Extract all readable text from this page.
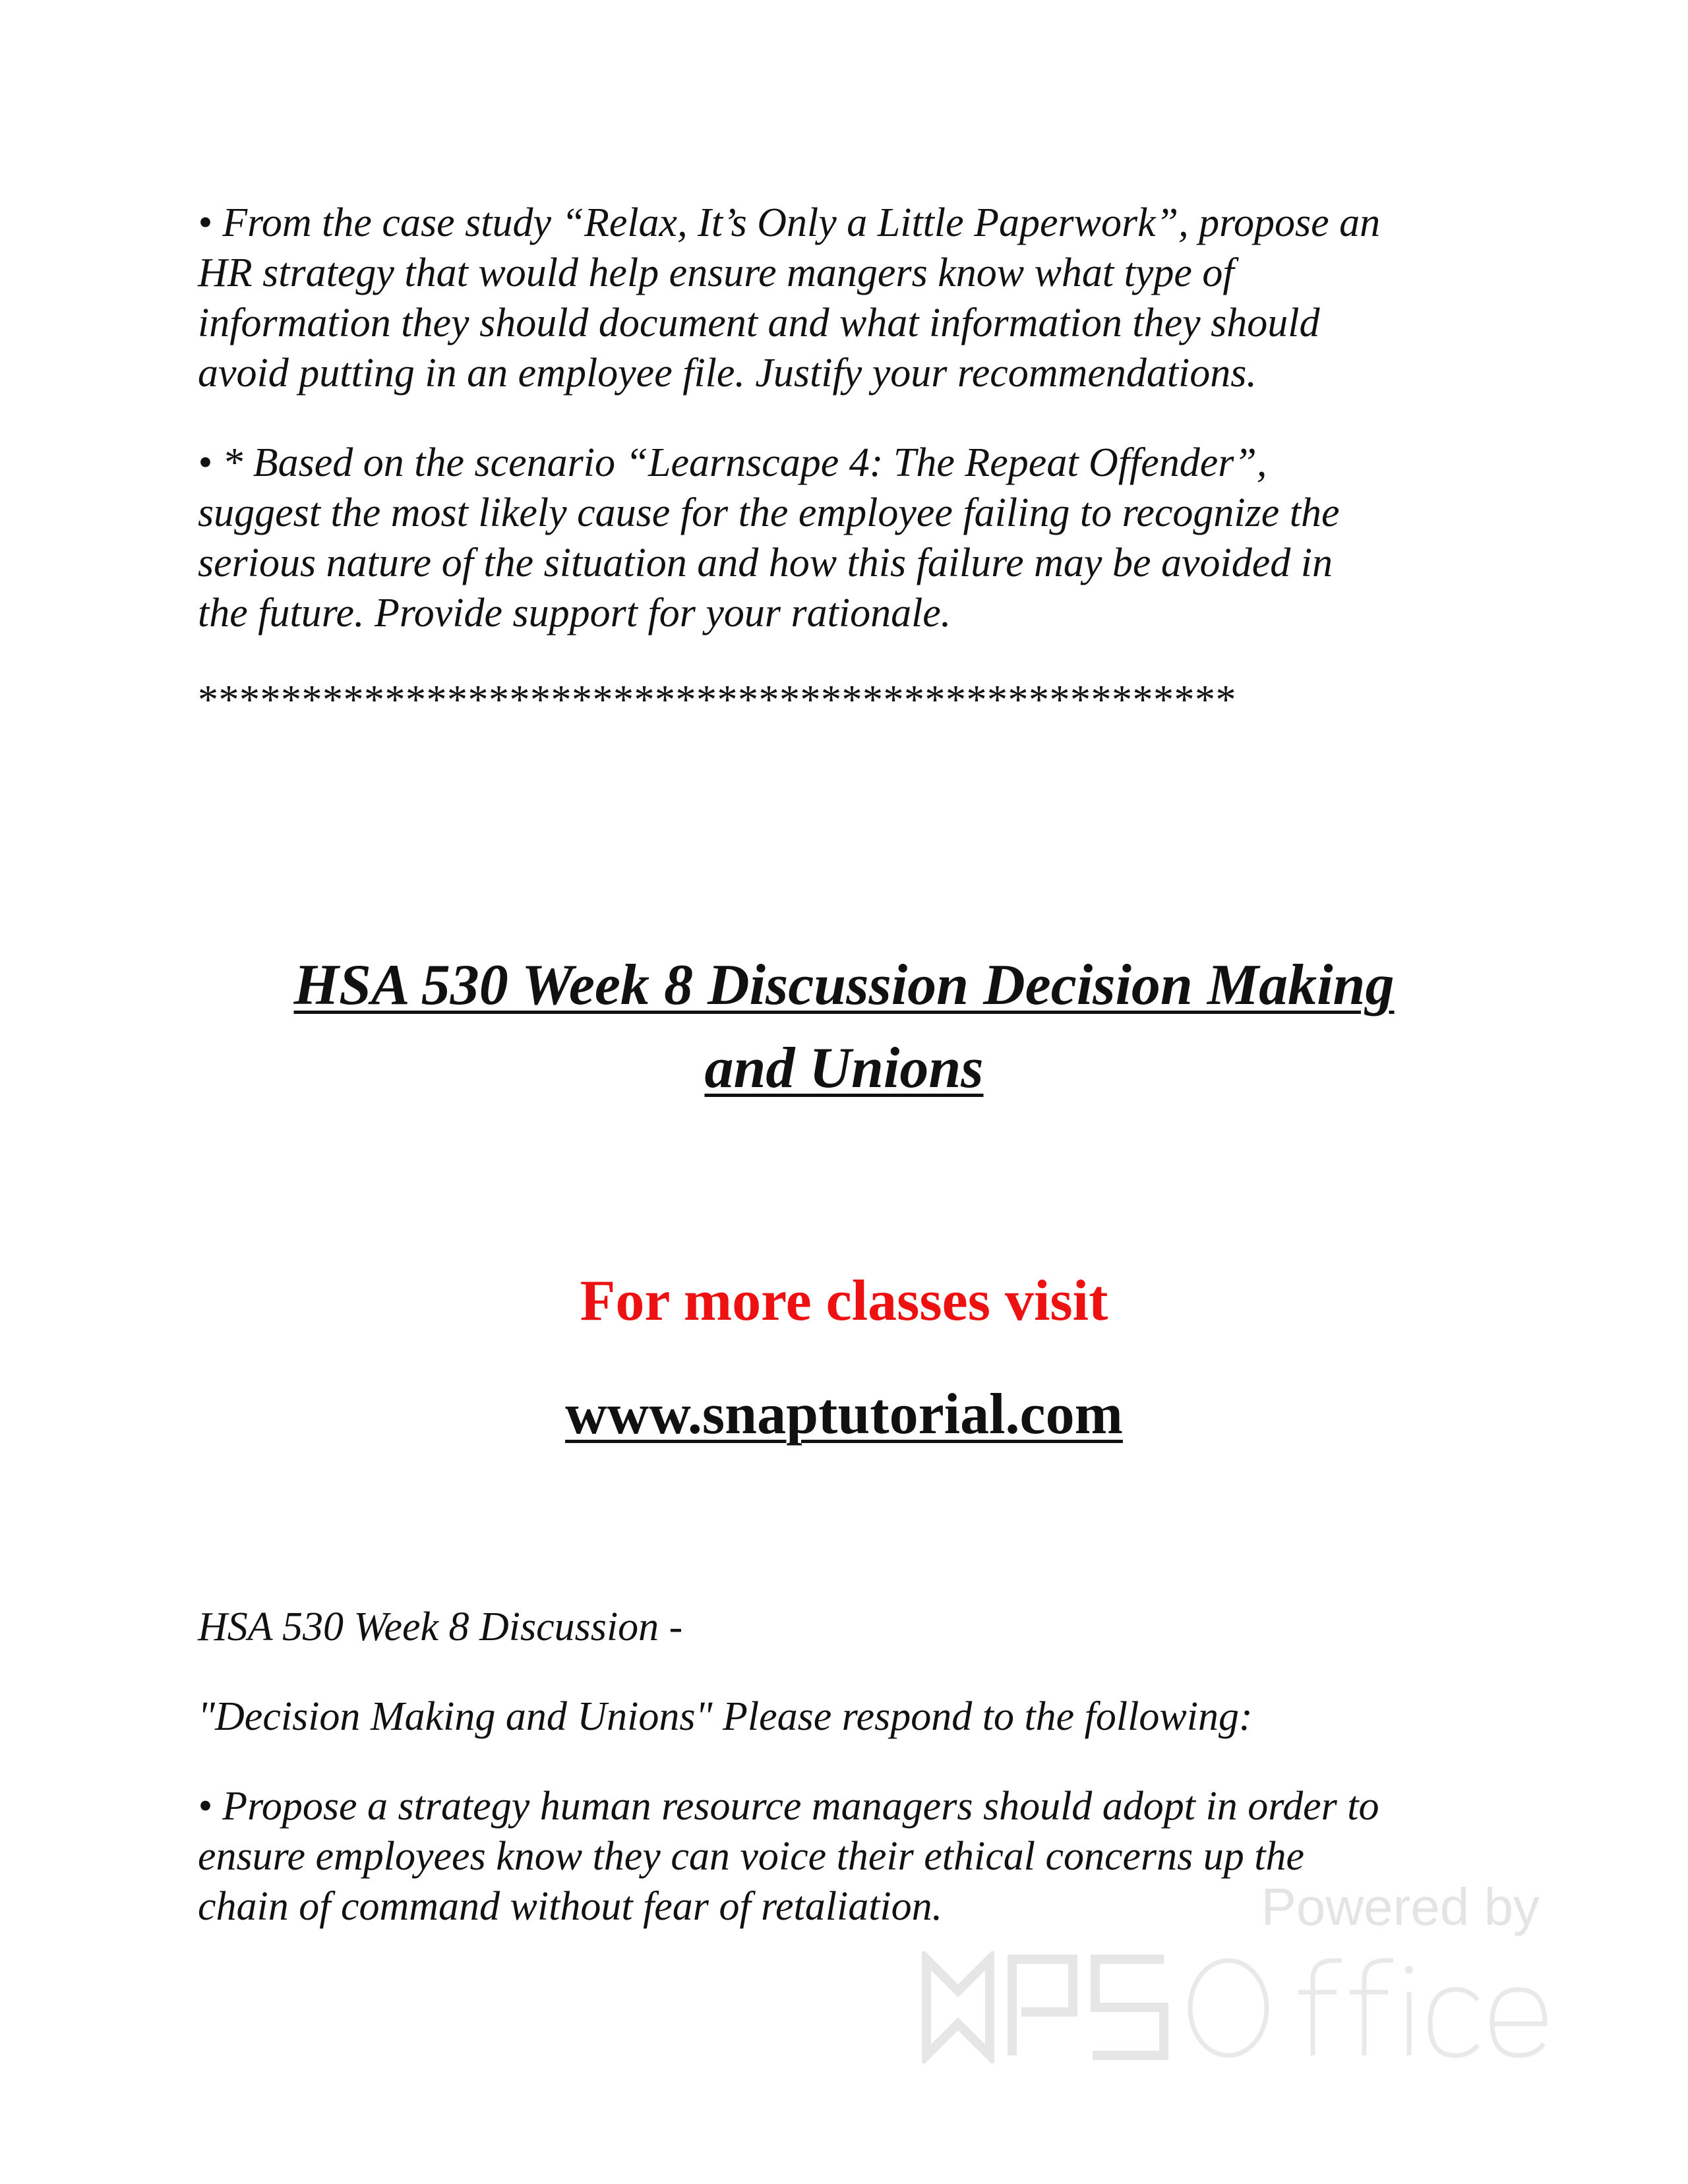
• From the case study “Relax, It’s Only a Little Paperwork”, propose an
HR strategy that would help ensure mangers know what type of
information they should document and what information they should
avoid putting in an employee file. Justify your recommendations.

• * Based on the scenario “Learnscape 4: The Repeat Offender”,
suggest the most likely cause for the employee failing to recognize the
serious nature of the situation and how this failure may be avoided in
the future. Provide support for your rationale.

**************************************************

HSA 530 Week 8 Discussion Decision Making
and Unions

For more classes visit

www.snaptutorial.com

HSA 530 Week 8 Discussion -

"Decision Making and Unions" Please respond to the following:

• Propose a strategy human resource managers should adopt in order to
ensure employees know they can voice their ethical concerns up the
chain of command without fear of retaliation.	Powered by
